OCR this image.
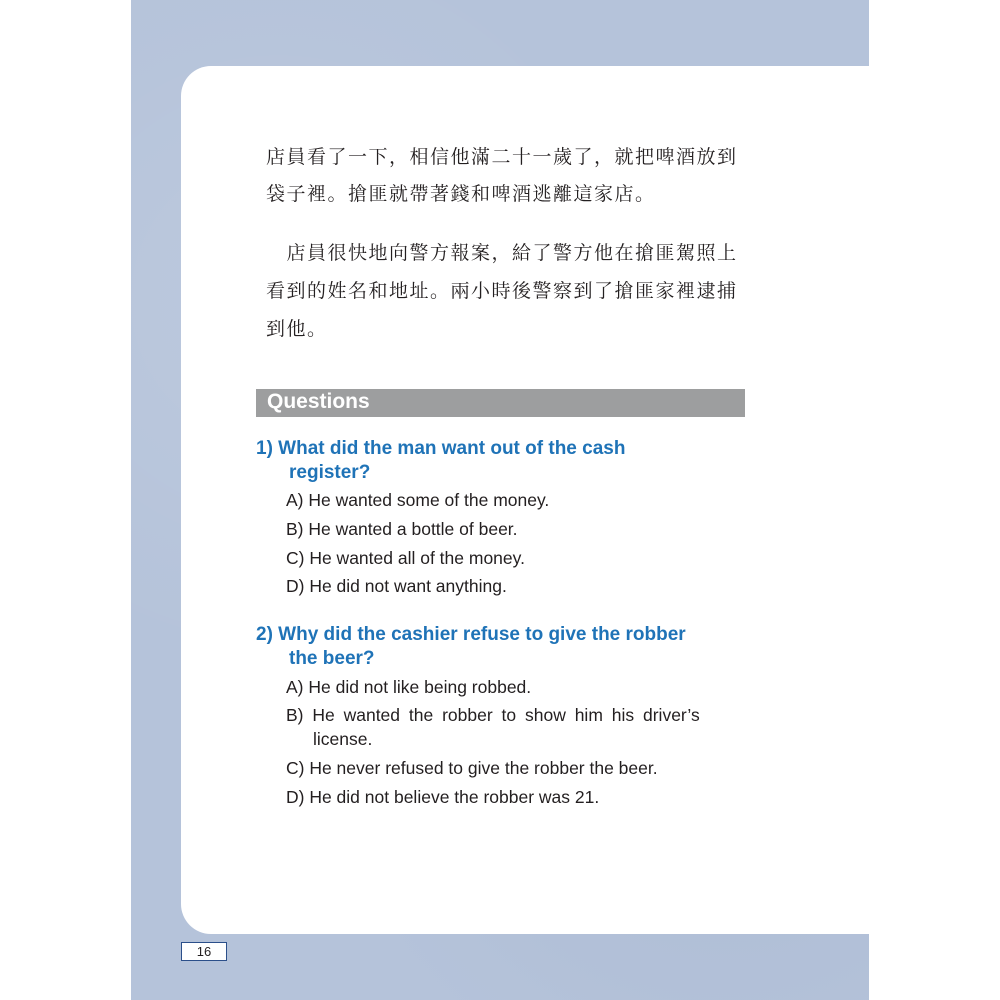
店員看了一下，相信他滿二十一歲了，就把啤酒放到
袋子裡。搶匪就帶著錢和啤酒逃離這家店。
　店員很快地向警方報案，給了警方他在搶匪駕照上
看到的姓名和地址。兩小時後警察到了搶匪家裡逮捕
到他。
Questions
1) What did the man want out of the cash
register?
A) He wanted some of the money.
B) He wanted a bottle of beer.
C) He wanted all of the money.
D) He did not want anything.
2) Why did the cashier refuse to give the robber
the beer?
A) He did not like being robbed.
B) He wanted the robber to show him his driver’s
license.
C) He never refused to give the robber the beer.
D) He did not believe the robber was 21.
16
